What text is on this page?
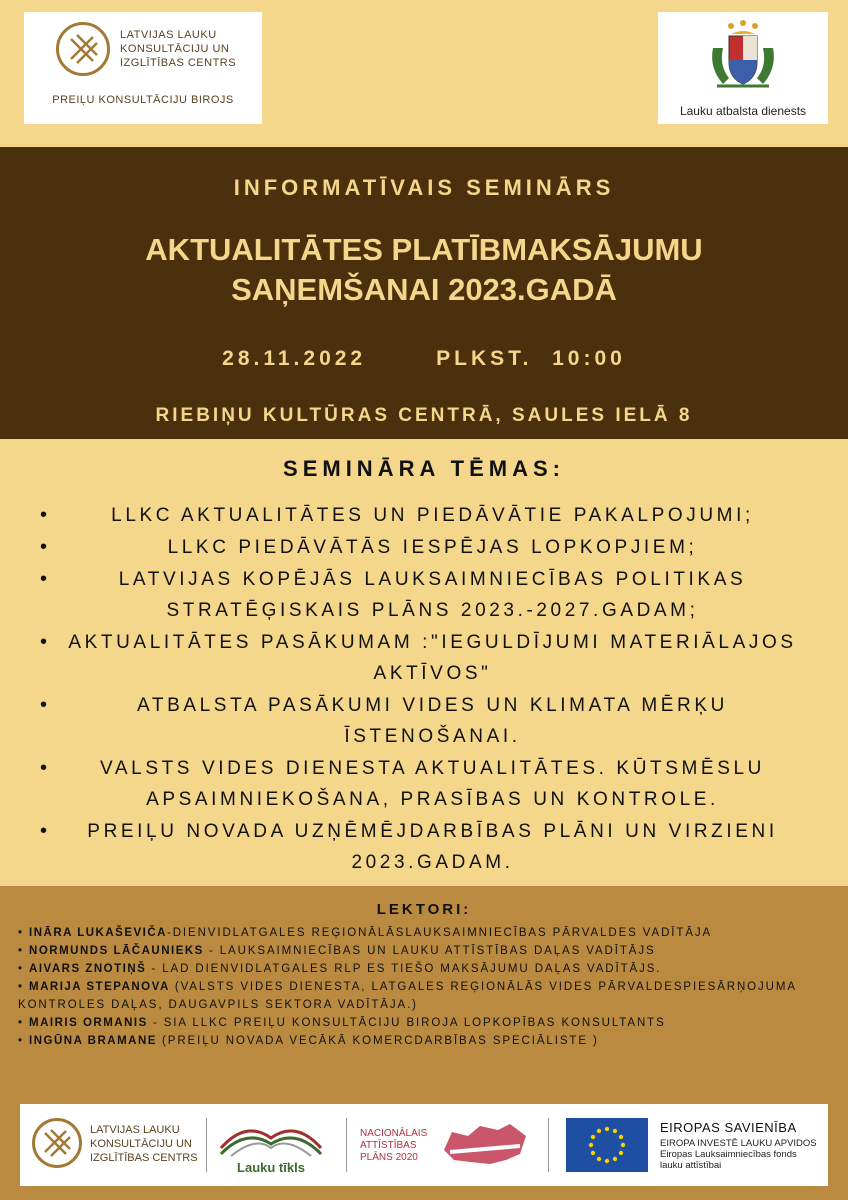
LATVIJAS LAUKU
KONSULTĀCIJU UN
IZGLĪTĪBAS CENTRS
PREIĻU KONSULTĀCIJU BIROJS
Lauku atbalsta dienests
INFORMATĪVAIS SEMINĀRS
AKTUALITĀTES PLATĪBMAKSĀJUMU
SAŅEMŠANAI 2023.GADĀ
28.11.2022	PLKST.  10:00
RIEBIŅU KULTŪRAS CENTRĀ, SAULES IELĀ 8
SEMINĀRA TĒMAS:
•	LLKC AKTUALITĀTES UN PIEDĀVĀTIE PAKALPOJUMI;
•	LLKC PIEDĀVĀTĀS IESPĒJAS LOPKOPJIEM;
•	LATVIJAS KOPĒJĀS LAUKSAIMNIECĪBAS POLITIKAS STRATĒĢISKAIS PLĀNS 2023.-2027.GADAM;
• AKTUALITĀTES PASĀKUMAM :"IEGULDĪJUMI MATERIĀLAJOS AKTĪVOS"
•	ATBALSTA PASĀKUMI VIDES UN KLIMATA MĒRĶU ĪSTENOŠANAI.
•	VALSTS VIDES DIENESTA AKTUALITĀTES. KŪTSMĒSLU APSAIMNIEKOŠANA, PRASĪBAS UN KONTROLE.
• PREIĻU NOVADA UZŅĒMĒJDARBĪBAS PLĀNI UN VIRZIENI 2023.GADAM.
LEKTORI:
• INĀRA LUKAŠEVIČA-DIENVIDLATGALES REĢIONĀLĀSLAUKSAIMNIECĪBAS PĀRVALDES VADĪTĀJA
• NORMUNDS LĀČAUNIEKS - LAUKSAIMNIECĪBAS UN LAUKU ATTĪSTĪBAS DAĻAS VADĪTĀJS
• AIVARS ZNOTIŅŠ - LAD DIENVIDLATGALES RLP ES TIEŠO MAKSĀJUMU DAĻAS VADĪTĀJS.
• MARIJA STEPANOVA (VALSTS VIDES DIENESTA, LATGALES REĢIONĀLĀS VIDES PĀRVALDESPIESĀRŅOJUMA KONTROLES DAĻAS, DAUGAVPILS SEKTORA VADĪTĀJA.)
• MAIRIS ORMANIS - SIA LLKC PREIĻU KONSULTĀCIJU BIROJA LOPKOPĪBAS KONSULTANTS
• INGŪNA BRAMANE (PREIĻU NOVADA VECĀKĀ KOMERCDARBĪBAS SPECIĀLISTE )
LATVIJAS LAUKU
KONSULTĀCIJU UN
IZGLĪTĪBAS CENTRS
Lauku tīkls
NACIONĀLAIS
ATTĪSTĪBAS
PLĀNS 2020
EIROPAS SAVIENĪBA
EIROPA INVESTĒ LAUKU APVIDOS
Eiropas Lauksaimniecības fonds
lauku attīstībai
